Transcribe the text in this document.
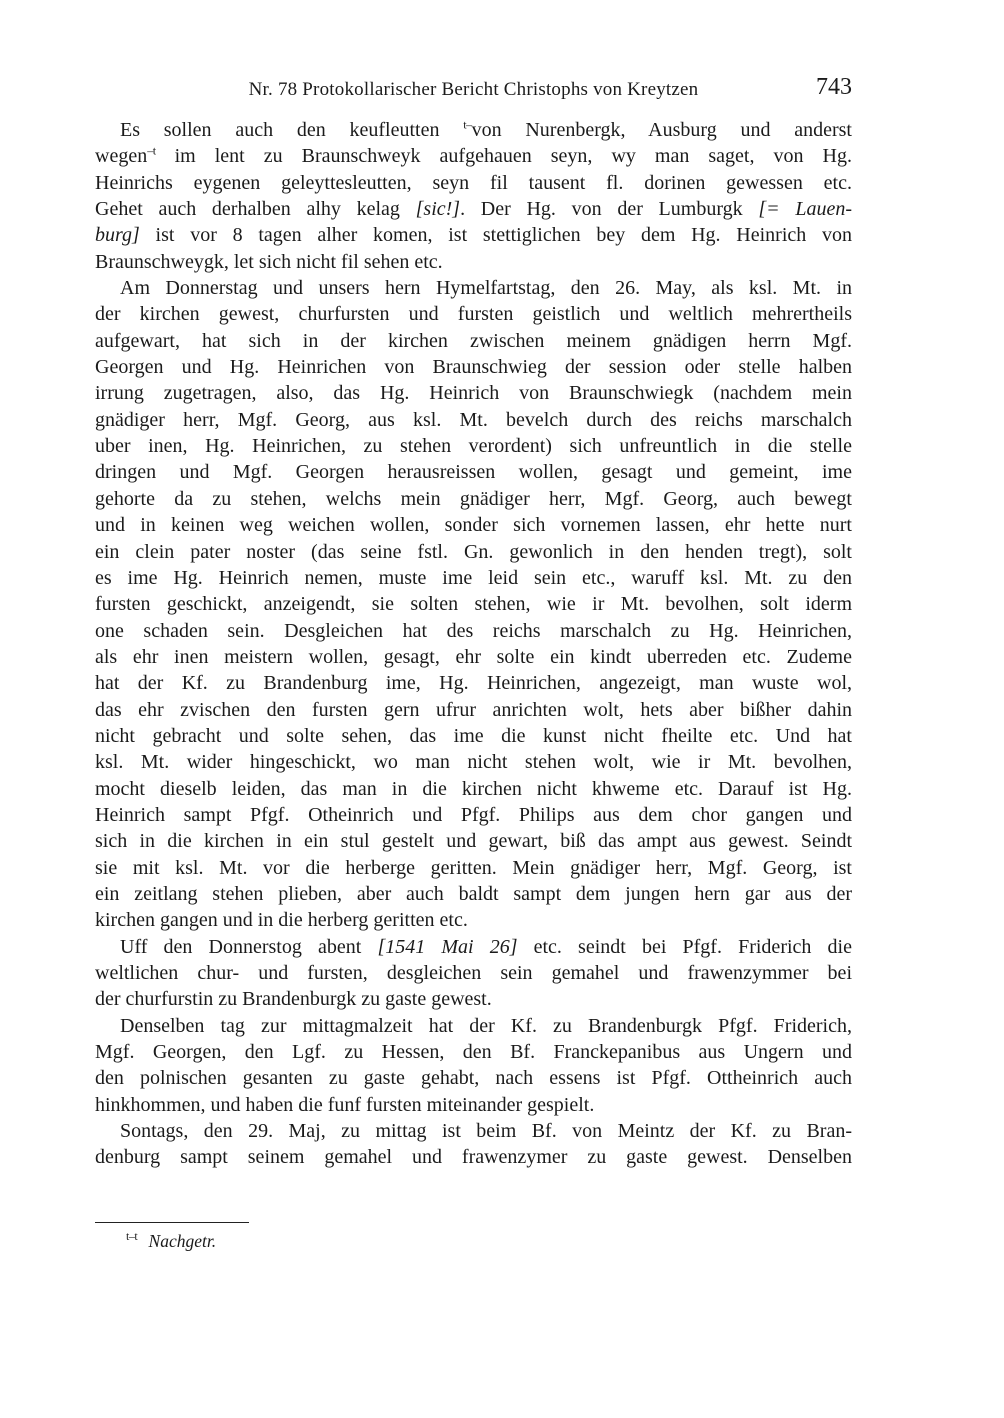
Nr. 78 Protokollarischer Bericht Christophs von Kreytzen	743
Es sollen auch den keufleutten $^{t-}$von Nurenbergk, Ausburg und anderst
wegen$^{-t}$ im lent zu Braunschweyk aufgehauen seyn, wy man saget, von Hg.
Heinrichs eygenen geleyttesleutten, seyn fil tausent fl. dorinen gewessen etc.
Gehet auch derhalben alhy kelag [sic!]. Der Hg. von der Lumburgk [= Lauen-
burg] ist vor 8 tagen alher komen, ist stettiglichen bey dem Hg. Heinrich von
Braunschweygk, let sich nicht fil sehen etc.
Am Donnerstag und unsers hern Hymelfartstag, den 26. May, als ksl. Mt. in
der kirchen gewest, churfursten und fursten geistlich und weltlich mehrertheils
aufgewart, hat sich in der kirchen zwischen meinem gnädigen herrn Mgf.
Georgen und Hg. Heinrichen von Braunschwieg der session oder stelle halben
irrung zugetragen, also, das Hg. Heinrich von Braunschwiegk (nachdem mein
gnädiger herr, Mgf. Georg, aus ksl. Mt. bevelch durch des reichs marschalch
uber inen, Hg. Heinrichen, zu stehen verordent) sich unfreuntlich in die stelle
dringen und Mgf. Georgen herausreissen wollen, gesagt und gemeint, ime
gehorte da zu stehen, welchs mein gnädiger herr, Mgf. Georg, auch bewegt
und in keinen weg weichen wollen, sonder sich vornemen lassen, ehr hette nurt
ein clein pater noster (das seine fstl. Gn. gewonlich in den henden tregt), solt
es ime Hg. Heinrich nemen, muste ime leid sein etc., waruff ksl. Mt. zu den
fursten geschickt, anzeigendt, sie solten stehen, wie ir Mt. bevolhen, solt iderm
one schaden sein. Desgleichen hat des reichs marschalch zu Hg. Heinrichen,
als ehr inen meistern wollen, gesagt, ehr solte ein kindt uberreden etc. Zudeme
hat der Kf. zu Brandenburg ime, Hg. Heinrichen, angezeigt, man wuste wol,
das ehr zvischen den fursten gern ufrur anrichten wolt, hets aber bißher dahin
nicht gebracht und solte sehen, das ime die kunst nicht fheilte etc. Und hat
ksl. Mt. wider hingeschickt, wo man nicht stehen wolt, wie ir Mt. bevolhen,
mocht dieselb leiden, das man in die kirchen nicht khweme etc. Darauf ist Hg.
Heinrich sampt Pfgf. Otheinrich und Pfgf. Philips aus dem chor gangen und
sich in die kirchen in ein stul gestelt und gewart, biß das ampt aus gewest. Seindt
sie mit ksl. Mt. vor die herberge geritten. Mein gnädiger herr, Mgf. Georg, ist
ein zeitlang stehen plieben, aber auch baldt sampt dem jungen hern gar aus der
kirchen gangen und in die herberg geritten etc.
Uff den Donnerstog abent [1541 Mai 26] etc. seindt bei Pfgf. Friderich die
weltlichen chur- und fursten, desgleichen sein gemahel und frawenzymmer bei
der churfurstin zu Brandenburgk zu gaste gewest.
Denselben tag zur mittagmalzeit hat der Kf. zu Brandenburgk Pfgf. Friderich,
Mgf. Georgen, den Lgf. zu Hessen, den Bf. Franckepanibus aus Ungern und
den polnischen gesanten zu gaste gehabt, nach essens ist Pfgf. Ottheinrich auch
hinkhommen, und haben die funf fursten miteinander gespielt.
Sontags, den 29. Maj, zu mittag ist beim Bf. von Meintz der Kf. zu Bran-
denburg sampt seinem gemahel und frawenzymer zu gaste gewest. Denselben

$^{t-t}$ Nachgetr.
